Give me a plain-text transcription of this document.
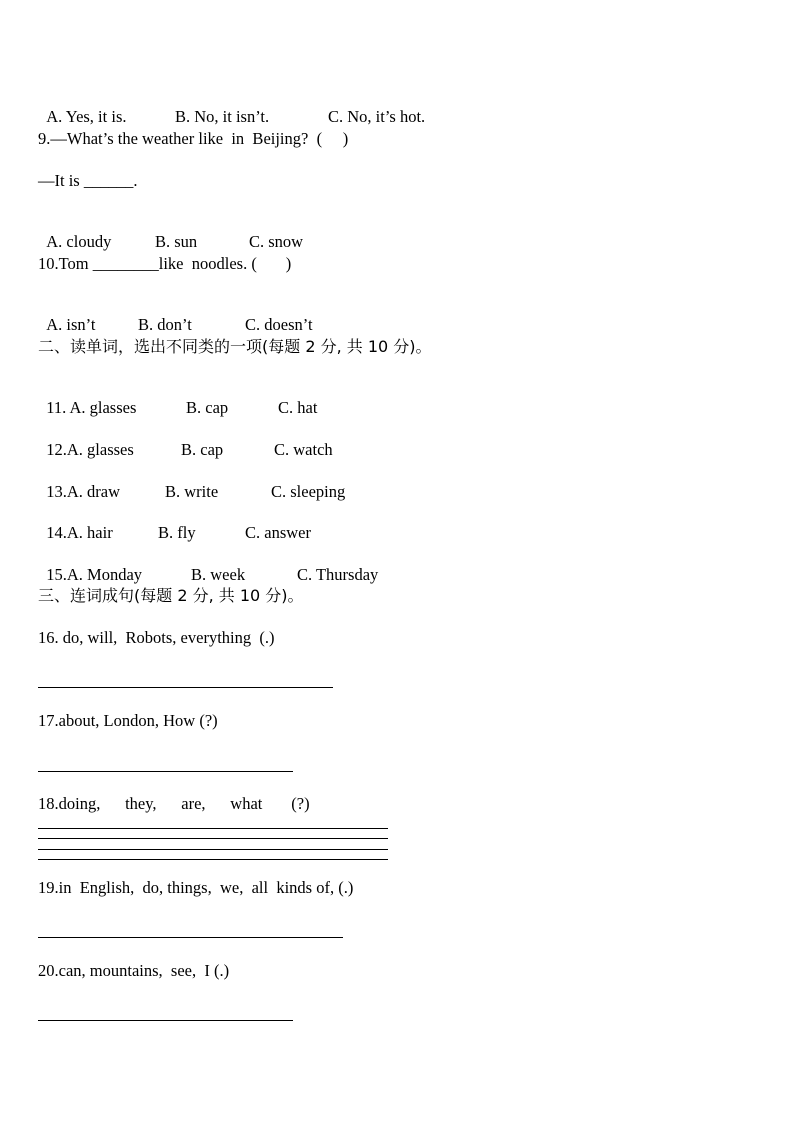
A. Yes, it is.	B. No, it isn’t.	C. No, it’s hot.

9.—What’s the weather like  in  Beijing?  (     )
—It is ______.

A. cloudy	B. sun	C. snow

10.Tom ________like  noodles. (       )

A. isn’t	B. don’t	C. doesn’t

二、读单词，选出不同类的一项(每题 2 分, 共 10 分)。

11. A. glasses	B. cap	C. hat

12.A. glasses	B. cap	C. watch

13.A. draw	B. write	C. sleeping

14.A. hair	B. fly	C. answer

15.A. Monday	B. week	C. Thursday

三、连词成句(每题 2 分, 共 10 分)。
16. do, will,  Robots, everything  (.)
17.about, London, How (?)
18.doing,      they,      are,      what       (?)
19.in  English,  do, things,  we,  all  kinds of, (.)
20.can, mountains,  see,  I (.)
